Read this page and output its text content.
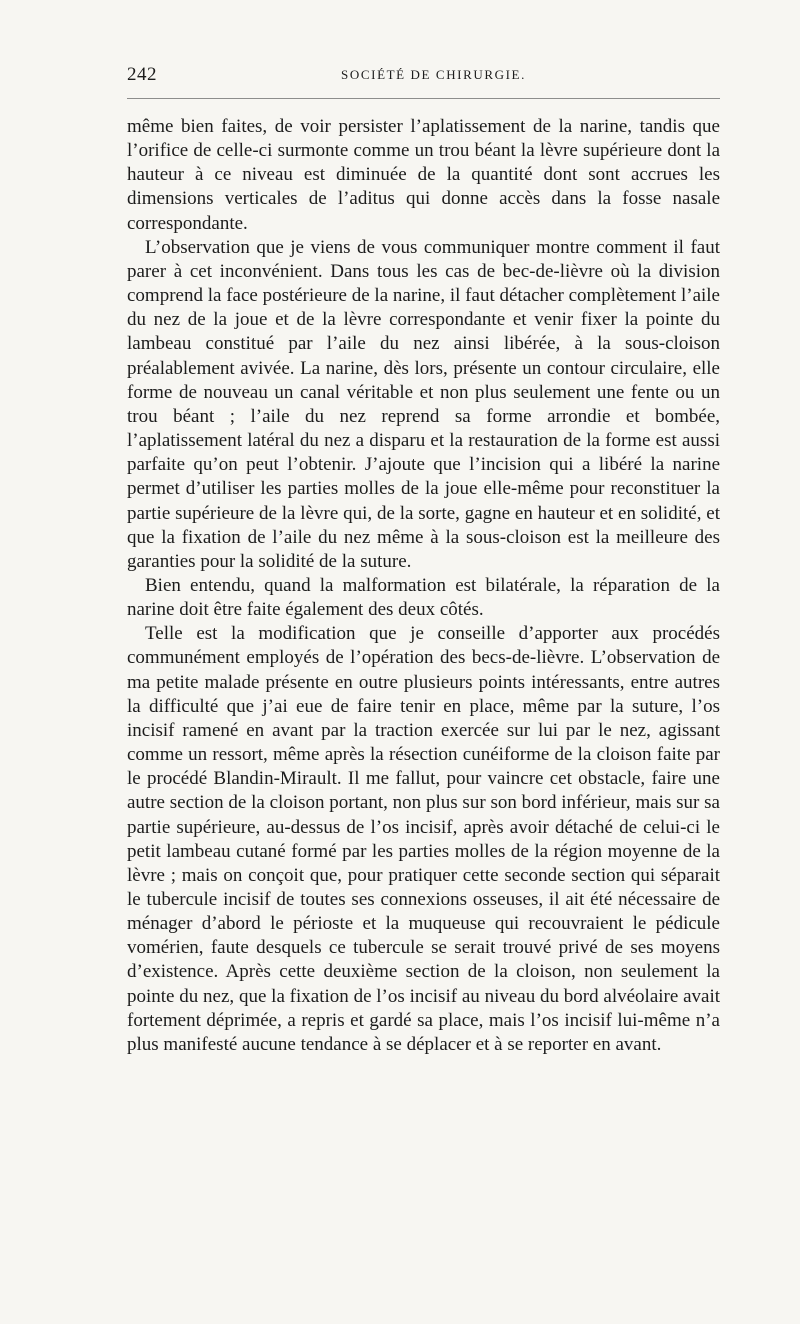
242	SOCIÉTÉ DE CHIRURGIE.

même bien faites, de voir persister l’aplatissement de la narine, tandis que l’orifice de celle-ci surmonte comme un trou béant la lèvre supérieure dont la hauteur à ce niveau est diminuée de la quantité dont sont accrues les dimensions verticales de l’aditus qui donne accès dans la fosse nasale correspondante.

L’observation que je viens de vous communiquer montre comment il faut parer à cet inconvénient. Dans tous les cas de bec-de-lièvre où la division comprend la face postérieure de la narine, il faut détacher complètement l’aile du nez de la joue et de la lèvre correspondante et venir fixer la pointe du lambeau constitué par l’aile du nez ainsi libérée, à la sous-cloison préalablement avivée. La narine, dès lors, présente un contour circulaire, elle forme de nouveau un canal véritable et non plus seulement une fente ou un trou béant ; l’aile du nez reprend sa forme arrondie et bombée, l’aplatissement latéral du nez a disparu et la restauration de la forme est aussi parfaite qu’on peut l’obtenir. J’ajoute que l’incision qui a libéré la narine permet d’utiliser les parties molles de la joue elle-même pour reconstituer la partie supérieure de la lèvre qui, de la sorte, gagne en hauteur et en solidité, et que la fixation de l’aile du nez même à la sous-cloison est la meilleure des garanties pour la solidité de la suture.

Bien entendu, quand la malformation est bilatérale, la réparation de la narine doit être faite également des deux côtés.

Telle est la modification que je conseille d’apporter aux procédés communément employés de l’opération des becs-de-lièvre. L’observation de ma petite malade présente en outre plusieurs points intéressants, entre autres la difficulté que j’ai eue de faire tenir en place, même par la suture, l’os incisif ramené en avant par la traction exercée sur lui par le nez, agissant comme un ressort, même après la résection cunéiforme de la cloison faite par le procédé Blandin-Mirault. Il me fallut, pour vaincre cet obstacle, faire une autre section de la cloison portant, non plus sur son bord inférieur, mais sur sa partie supérieure, au-dessus de l’os incisif, après avoir détaché de celui-ci le petit lambeau cutané formé par les parties molles de la région moyenne de la lèvre ; mais on conçoit que, pour pratiquer cette seconde section qui séparait le tubercule incisif de toutes ses connexions osseuses, il ait été nécessaire de ménager d’abord le périoste et la muqueuse qui recouvraient le pédicule vomérien, faute desquels ce tubercule se serait trouvé privé de ses moyens d’existence. Après cette deuxième section de la cloison, non seulement la pointe du nez, que la fixation de l’os incisif au niveau du bord alvéolaire avait fortement déprimée, a repris et gardé sa place, mais l’os incisif lui-même n’a plus manifesté aucune tendance à se déplacer et à se reporter en avant.
